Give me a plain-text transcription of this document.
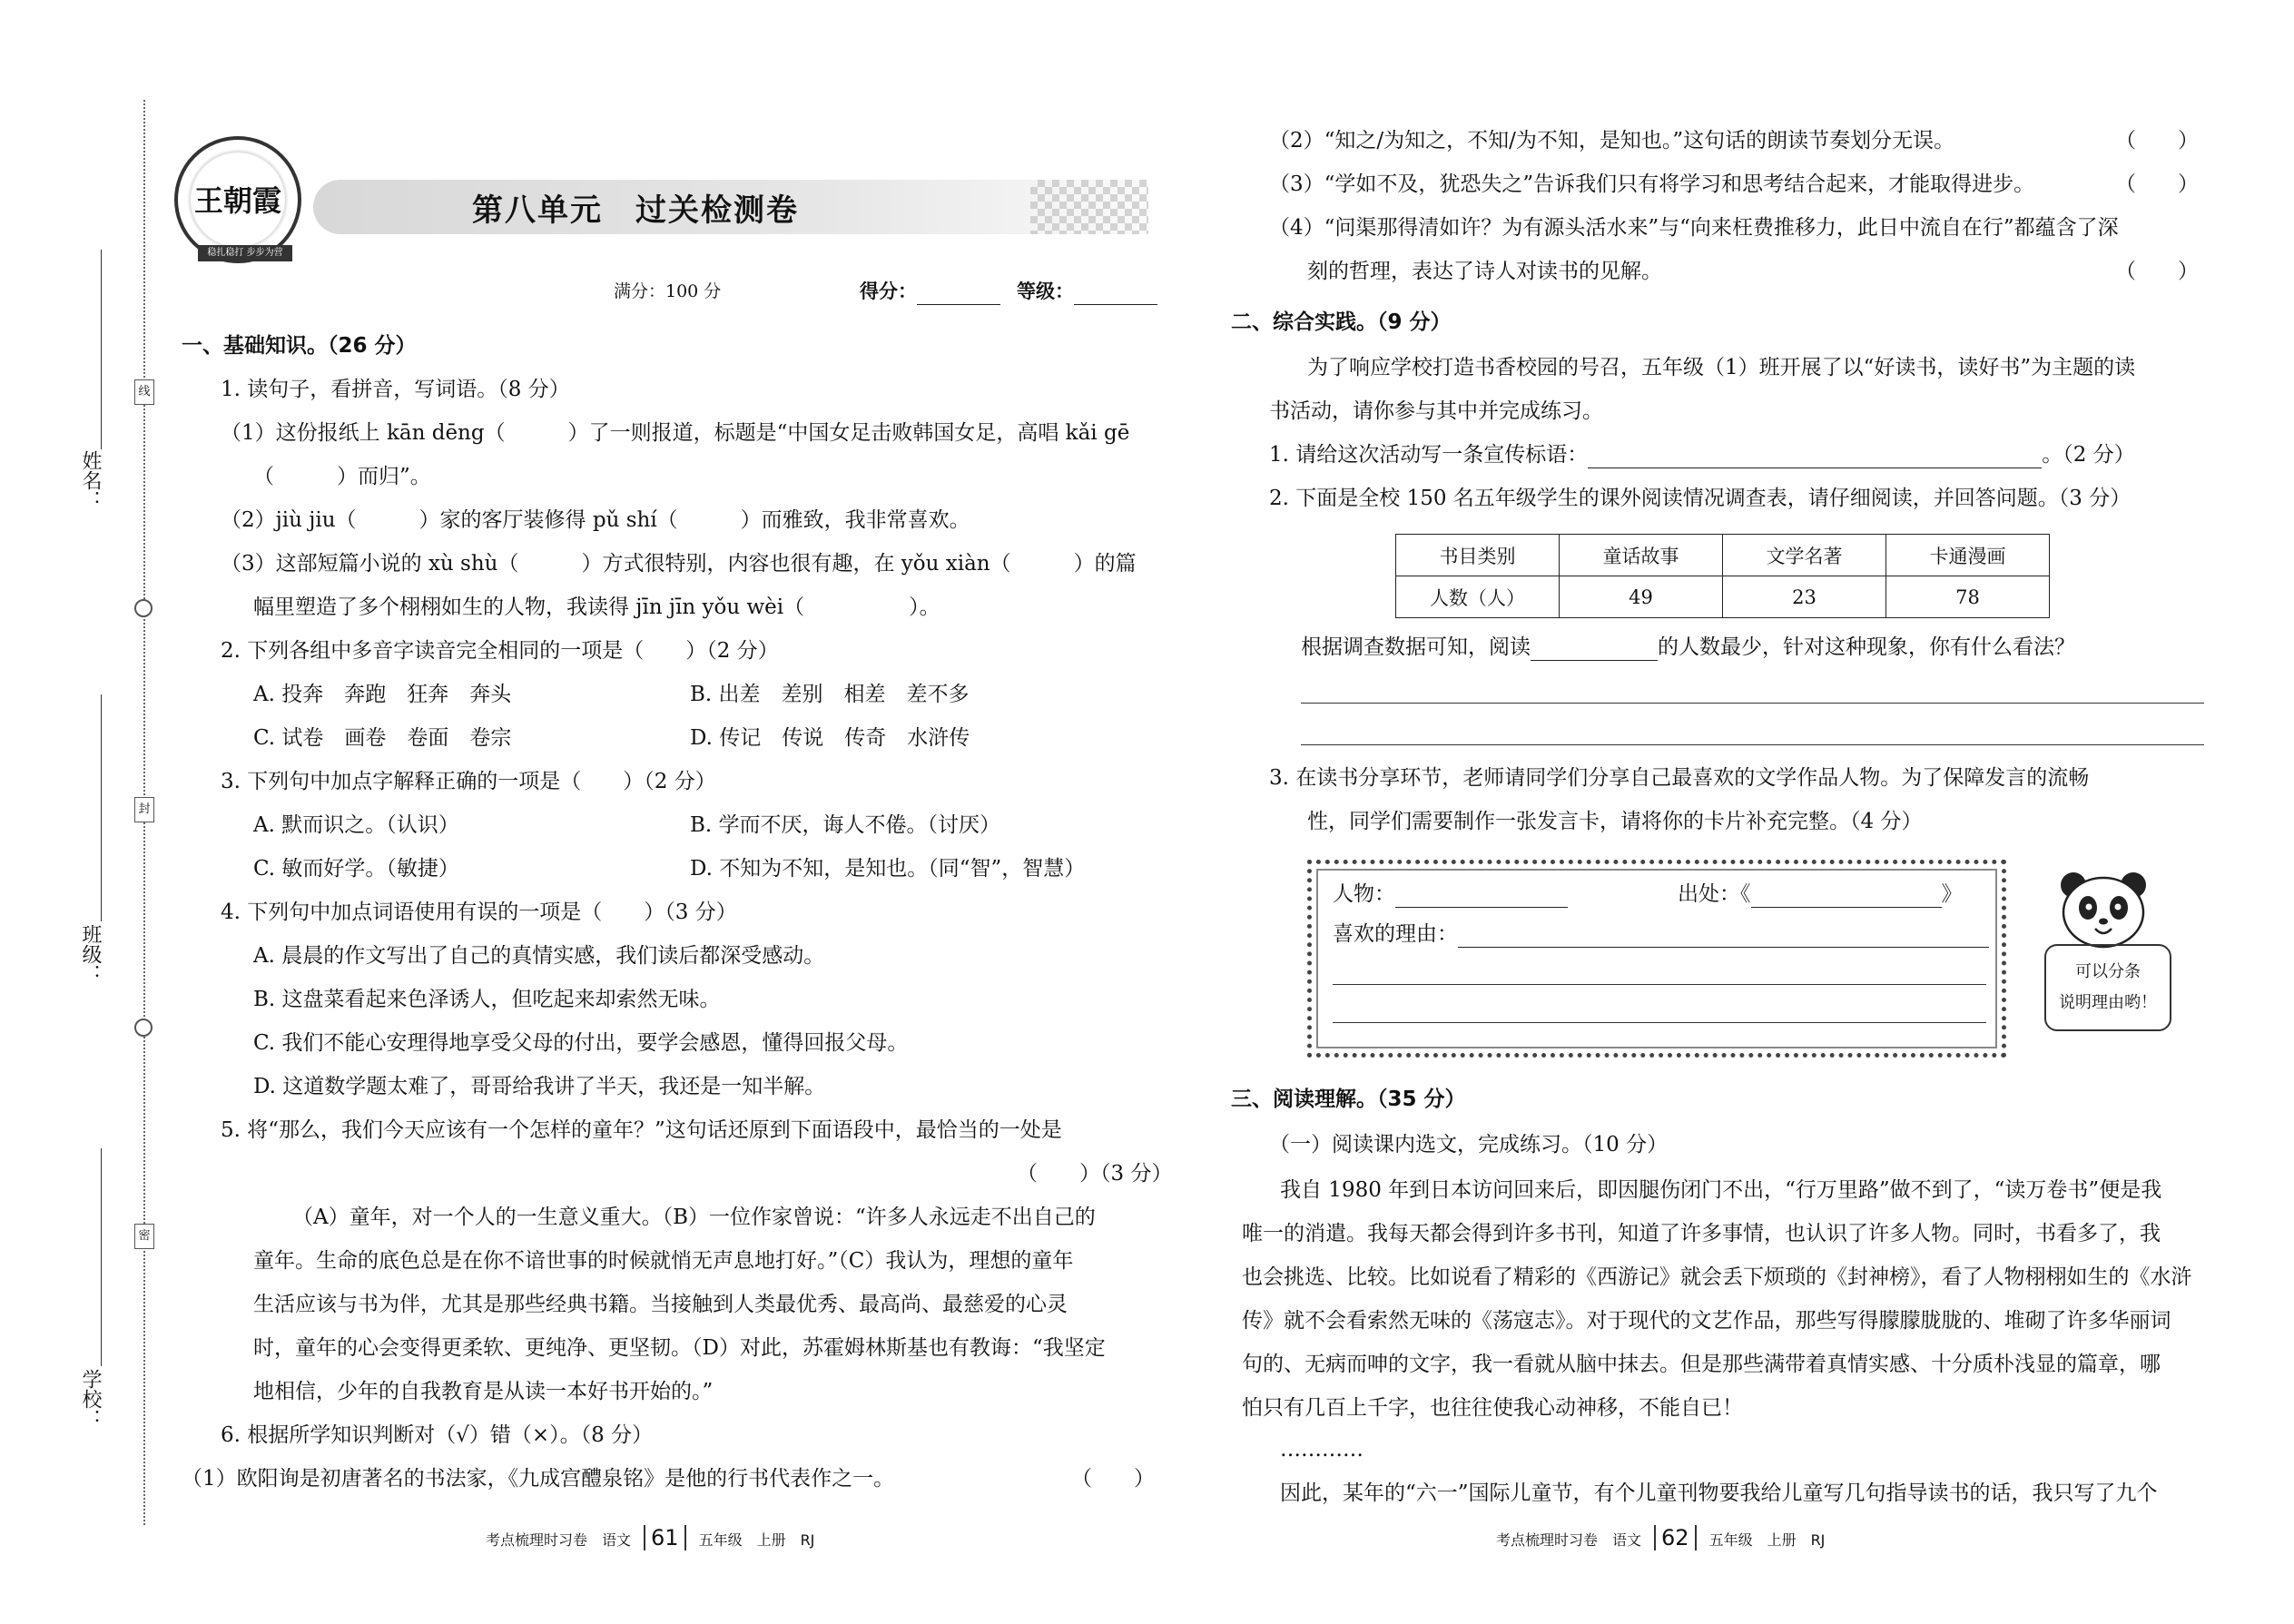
姓名：
班级：
学校：
线
封
密
王朝霞
稳扎稳打 步步为营
第八单元　过关检测卷
满分：100 分	得分：	等级：
一、基础知识。（26 分）
1. 读句子，看拼音，写词语。（8 分）
（1）这份报纸上 kān dēng（　　　）了一则报道，标题是“中国女足击败韩国女足，高唱 kǎi gē
（　　　）而归”。
（2）jiù jiu（　　　）家的客厅装修得 pǔ shí（　　　）而雅致，我非常喜欢。
（3）这部短篇小说的 xù shù（　　　）方式很特别，内容也很有趣，在 yǒu xiàn（　　　）的篇
幅里塑造了多个栩栩如生的人物，我读得 jīn jīn yǒu wèi（　　　　　）。
2. 下列各组中多音字读音完全相同的一项是（　　）（2 分）
A. 投奔　奔跑　狂奔　奔头	B. 出差　差别　相差　差不多
C. 试卷　画卷　卷面　卷宗	D. 传记　传说　传奇　水浒传
3. 下列句中加点字解释正确的一项是（　　）（2 分）
A. 默而识之。（认识）	B. 学而不厌，诲人不倦。（讨厌）
C. 敏而好学。（敏捷）	D. 不知为不知，是知也。（同“智”，智慧）
4. 下列句中加点词语使用有误的一项是（　　）（3 分）
A. 晨晨的作文写出了自己的真情实感，我们读后都深受感动。
B. 这盘菜看起来色泽诱人，但吃起来却索然无味。
C. 我们不能心安理得地享受父母的付出，要学会感恩，懂得回报父母。
D. 这道数学题太难了，哥哥给我讲了半天，我还是一知半解。
5. 将“那么，我们今天应该有一个怎样的童年？”这句话还原到下面语段中，最恰当的一处是
（　　）（3 分）
（A）童年，对一个人的一生意义重大。（B）一位作家曾说：“许多人永远走不出自己的
童年。生命的底色总是在你不谙世事的时候就悄无声息地打好。”（C）我认为，理想的童年
生活应该与书为伴，尤其是那些经典书籍。当接触到人类最优秀、最高尚、最慈爱的心灵
时，童年的心会变得更柔软、更纯净、更坚韧。（D）对此，苏霍姆林斯基也有教诲：“我坚定
地相信，少年的自我教育是从读一本好书开始的。”
6. 根据所学知识判断对（√）错（×）。（8 分）
（1）欧阳询是初唐著名的书法家，《九成宫醴泉铭》是他的行书代表作之一。	（　　）
考点梳理时习卷　语文 61 五年级　上册　RJ
（2）“知之/为知之，不知/为不知，是知也。”这句话的朗读节奏划分无误。	（　　）
（3）“学如不及，犹恐失之”告诉我们只有将学习和思考结合起来，才能取得进步。	（　　）
（4）“问渠那得清如许？为有源头活水来”与“向来枉费推移力，此日中流自在行”都蕴含了深
刻的哲理，表达了诗人对读书的见解。	（　　）
二、综合实践。（9 分）
为了响应学校打造书香校园的号召，五年级（1）班开展了以“好读书，读好书”为主题的读
书活动，请你参与其中并完成练习。
1. 请给这次活动写一条宣传标语：	。（2 分）
2. 下面是全校 150 名五年级学生的课外阅读情况调查表，请仔细阅读，并回答问题。（3 分）
书目类别	童话故事	文学名著	卡通漫画
人数（人）	49	23	78
根据调查数据可知，阅读	的人数最少，针对这种现象，你有什么看法？
3. 在读书分享环节，老师请同学们分享自己最喜欢的文学作品人物。为了保障发言的流畅
性，同学们需要制作一张发言卡，请将你的卡片补充完整。（4 分）
人物：	出处：《	》
喜欢的理由：
可以分条
说明理由哟！
三、阅读理解。（35 分）
（一）阅读课内选文，完成练习。（10 分）
我自 1980 年到日本访问回来后，即因腿伤闭门不出，“行万里路”做不到了，“读万卷书”便是我
唯一的消遣。我每天都会得到许多书刊，知道了许多事情，也认识了许多人物。同时，书看多了，我
也会挑选、比较。比如说看了精彩的《西游记》就会丢下烦琐的《封神榜》，看了人物栩栩如生的《水浒
传》就不会看索然无味的《荡寇志》。对于现代的文艺作品，那些写得朦朦胧胧的、堆砌了许多华丽词
句的、无病而呻的文字，我一看就从脑中抹去。但是那些满带着真情实感、十分质朴浅显的篇章，哪
怕只有几百上千字，也往往使我心动神移，不能自已！
…………
因此，某年的“六一”国际儿童节，有个儿童刊物要我给儿童写几句指导读书的话，我只写了九个
考点梳理时习卷　语文 62 五年级　上册　RJ
